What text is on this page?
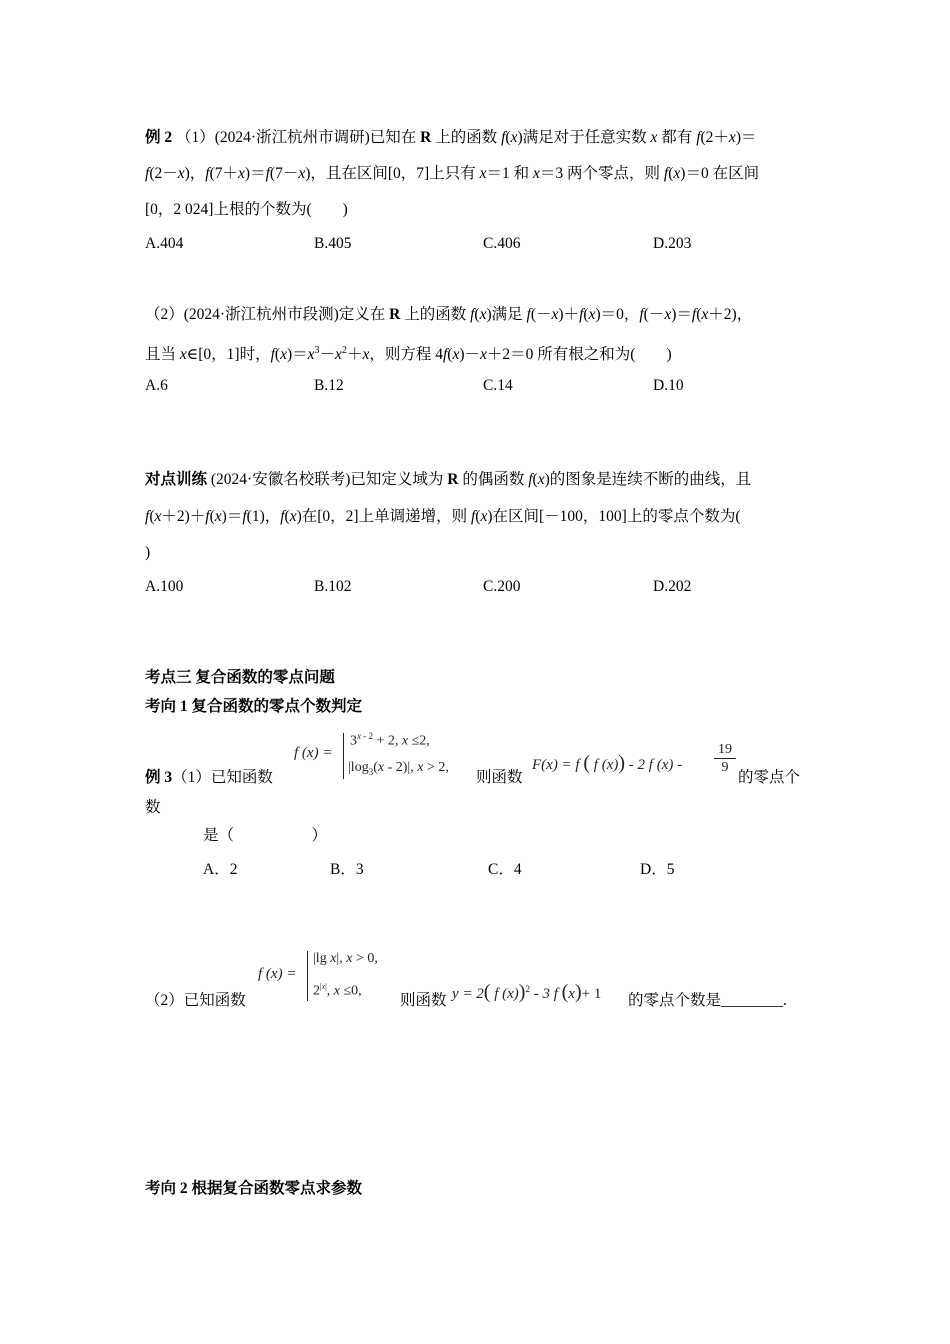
例 2 （1）(2024·浙江杭州市调研)已知在 R 上的函数 f(x)满足对于任意实数 x 都有 f(2＋x)＝
f(2－x)，f(7＋x)＝f(7－x)，且在区间[0，7]上只有 x＝1 和 x＝3 两个零点，则 f(x)＝0 在区间
[0，2 024]上根的个数为(　　)
A.404	B.405	C.406	D.203
（2）(2024·浙江杭州市段测)定义在 R 上的函数 f(x)满足 f(－x)＋f(x)＝0，f(－x)＝f(x＋2)，
且当 x∈[0，1]时，$f(x)=x^3-x^2+x$，则方程 4f(x)－x＋2＝0 所有根之和为(　　)
A.6	B.12	C.14	D.10
对点训练 (2024·安徽名校联考)已知定义域为 R 的偶函数 f(x)的图象是连续不断的曲线，且
f(x＋2)＋f(x)＝f(1)，f(x)在[0，2]上单调递增，则 f(x)在区间[－100，100]上的零点个数为(
)
A.100	B.102	C.200	D.202
考点三 复合函数的零点问题
考向 1 复合函数的零点个数判定
例 3（1）已知函数
f (x) =
$3^{x - 2} + 2$, x ≤2,
$|\log_3(x - 2)|$, x > 2,
则函数
F(x) = f ( f (x)) - 2 f (x) -
19
9
的零点个
数
是（　　　　　）
A．2	B．3	C．4	D．5
（2）已知函数
f (x) =
|lg x|, x > 0,
$2^{|x|}$, x ≤0,
则函数 y = 2( f (x))$^2$ - 3 f (x)+ 1 的零点个数是________.
考向 2 根据复合函数零点求参数
